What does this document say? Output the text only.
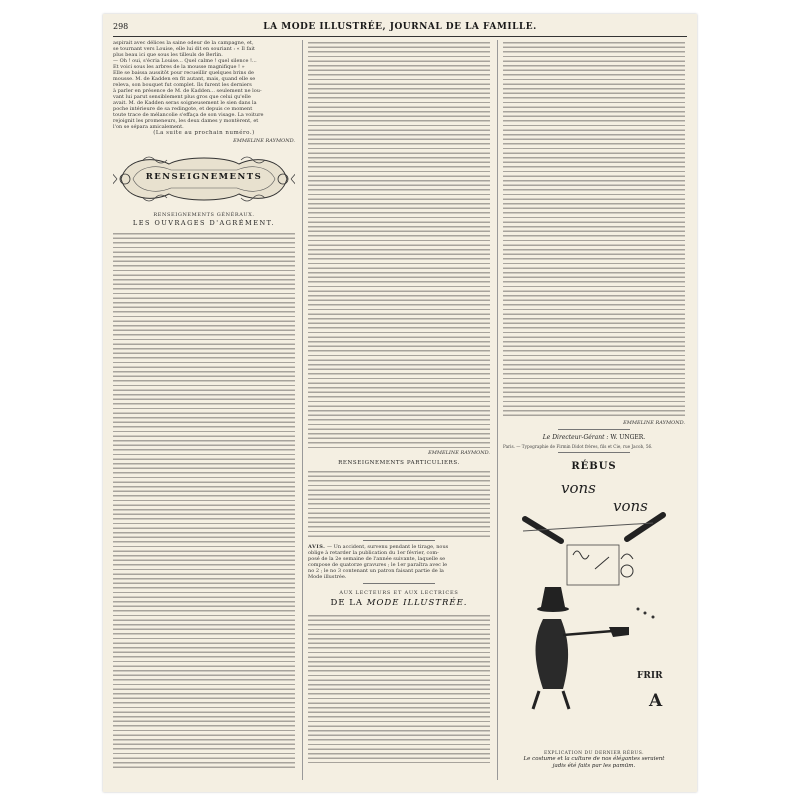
298	LA MODE ILLUSTRÉE, JOURNAL DE LA FAMILLE.
aspirait avec délices la saine odeur de la campagne, et,
se tournant vers Louise, elle lui dit en souriant : « Il fait
plus beau ici que sous les tilleuls de Berlin.
— Oh ! oui, s'écria Louise... Quel calme ! quel silence !...
Et voici sous les arbres de la mousse magnifique ! »
Elle se baissa aussitôt pour recueillir quelques brins de
mousse. M. de Kadden en fit autant, mais, quand elle se
releva, son bouquet fut complet. Ils furent les derniers
à parler en présence de M. de Kadden... seulement ne lou-
vant lui parut sensiblement plus gros que celui qu'elle
avait. M. de Kadden seras soigneusement le sien dans la
poche intérieure de sa redingote, et depuis ce moment
toute trace de mélancolie s'effaça de son visage. La voiture
rejoignit les promeneurs, les deux dames y montèrent, et
l'on se sépara amicalement.
(La suite au prochain numéro.)
EMMELINE RAYMOND.
RENSEIGNEMENTS
RENSEIGNEMENTS GÉNÉRAUX.
LES OUVRAGES D'AGRÉMENT.
EMMELINE RAYMOND.
RENSEIGNEMENTS PARTICULIERS.
AVIS. — Un accident, survenu pendant le tirage, nous
oblige à retarder la publication du 1er février, com-
posé de la 2e semaine de l'année suivante, laquelle se
compose de quatorze gravures ; le 1er paraîtra avec le
no 2 ; le no 3 contenant un patron faisant partie de la
Mode illustrée.
AUX LECTEURS ET AUX LECTRICES
DE LA MODE ILLUSTRÉE.
EMMELINE RAYMOND.
Le Directeur-Gérant : W. UNGER.
Paris. — Typographie de Firmin Didot frères, fils et Cie, rue Jacob, 56.
RÉBUS
vons
vons
FRIR
A
EXPLICATION DU DERNIER RÉBUS.
Le costume et la culture de nos élégantes seraient
jadis été faits par les pamüm.
